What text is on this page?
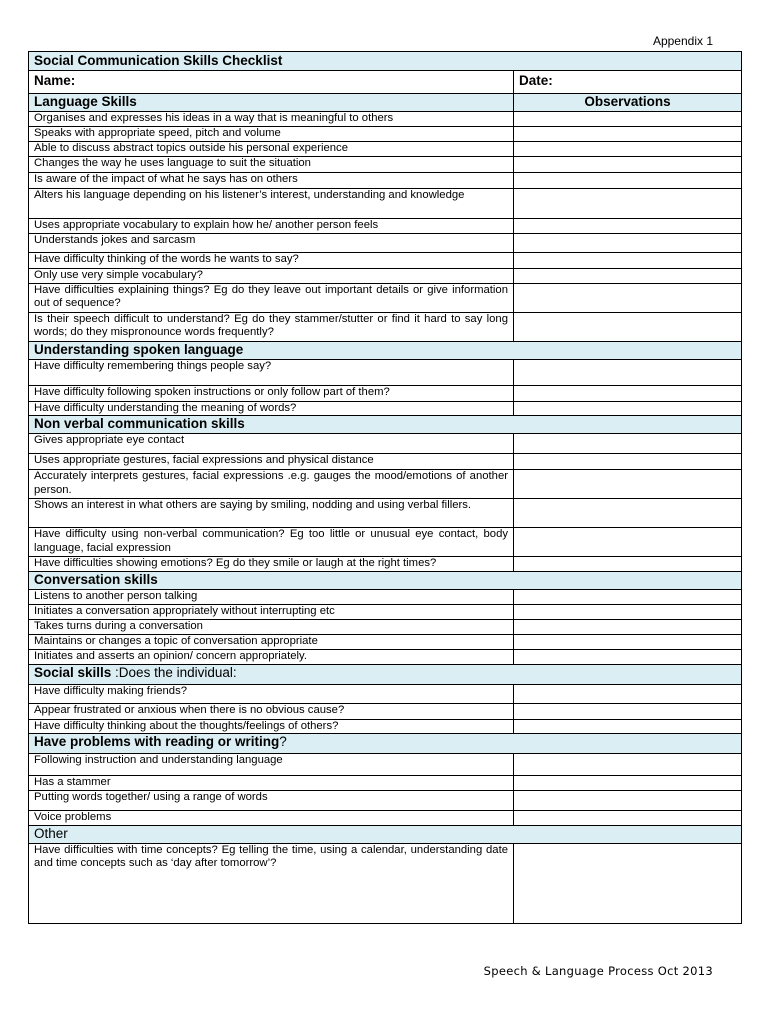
Appendix 1
Social Communication Skills Checklist	
Name:	Date:
Language Skills	Observations
Organises and expresses his ideas in a way that is meaningful to others	
Speaks with appropriate speed, pitch and volume	
Able to discuss abstract topics outside his personal experience	
Changes the way he uses language to suit the situation	
Is aware of the impact of what he says has on others	
Alters his language depending on his listener’s interest, understanding and knowledge	
Uses appropriate vocabulary to explain how he/ another person feels	
Understands jokes and sarcasm	
Have difficulty thinking of the words he wants to say?	
Only use very simple vocabulary?	
Have difficulties explaining things? Eg do they leave out important details or give information out of sequence?	
Is their speech difficult to understand? Eg do they stammer/stutter or find it hard to say long words; do they mispronounce words frequently?	
Understanding spoken language	
Have difficulty remembering things people say?	
Have difficulty following spoken instructions or only follow part of them?	
Have difficulty understanding the meaning of words?	
Non verbal communication skills	
Gives appropriate eye contact	
Uses appropriate gestures, facial expressions and physical distance	
Accurately interprets gestures, facial expressions .e.g. gauges the mood/emotions of another person.	
Shows an interest in what others are saying by smiling, nodding and using verbal fillers.	
Have difficulty using non-verbal communication? Eg too little or unusual eye contact, body language, facial expression	
Have difficulties showing emotions? Eg do they smile or laugh at the right times?	
Conversation skills	
Listens to another person talking	
Initiates a conversation appropriately without interrupting etc	
Takes turns during a conversation	
Maintains or changes a topic of conversation appropriate	
Initiates and asserts an opinion/ concern appropriately.	
Social skills :Does the individual:	
Have difficulty making friends?	
Appear frustrated or anxious when there is no obvious cause?	
Have difficulty thinking about the thoughts/feelings of others?	
Have problems with reading or writing?	
Following instruction and understanding language	
Has a stammer	
Putting words together/ using a range of words	
Voice problems	
Other	
Have difficulties with time concepts? Eg telling the time, using a calendar, understanding date and time concepts such as ‘day after tomorrow’?	
Speech & Language Process Oct 2013
